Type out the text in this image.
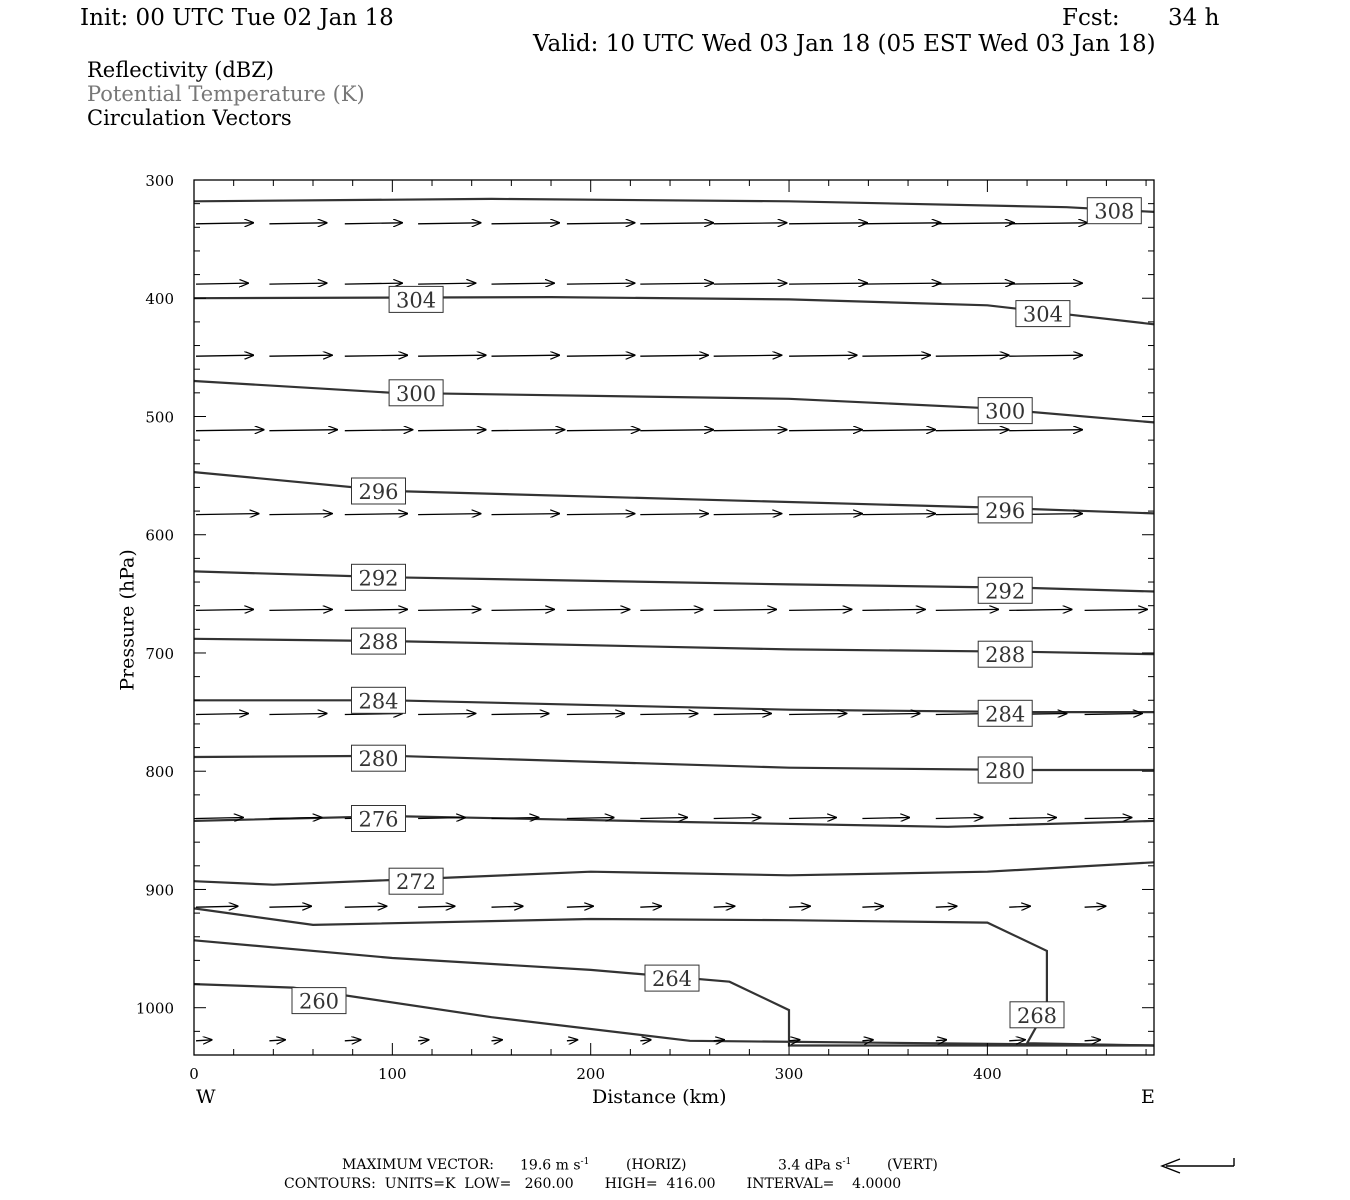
Init: 00 UTC Tue 02 Jan 18	Fcst: 34 h
Valid: 10 UTC Wed 03 Jan 18 (05 EST Wed 03 Jan 18)
Reflectivity (dBZ)
Potential Temperature (K)
Circulation Vectors
308
304
304
300
300
296
296
292
292
288
288
284
284
280	280
276
272
268
264
260
300
400
500
600
700
800
900
1000
0	100	200	300	400
Distance (km)
W	E
Pressure (hPa)
MAXIMUM VECTOR: 19.6 m $s^{-1}$	(HORIZ)	3.4 dPa $s^{-1}$	(VERT)
CONTOURS:  UNITS=K  LOW=   260.00       HIGH=  416.00       INTERVAL=    4.0000
